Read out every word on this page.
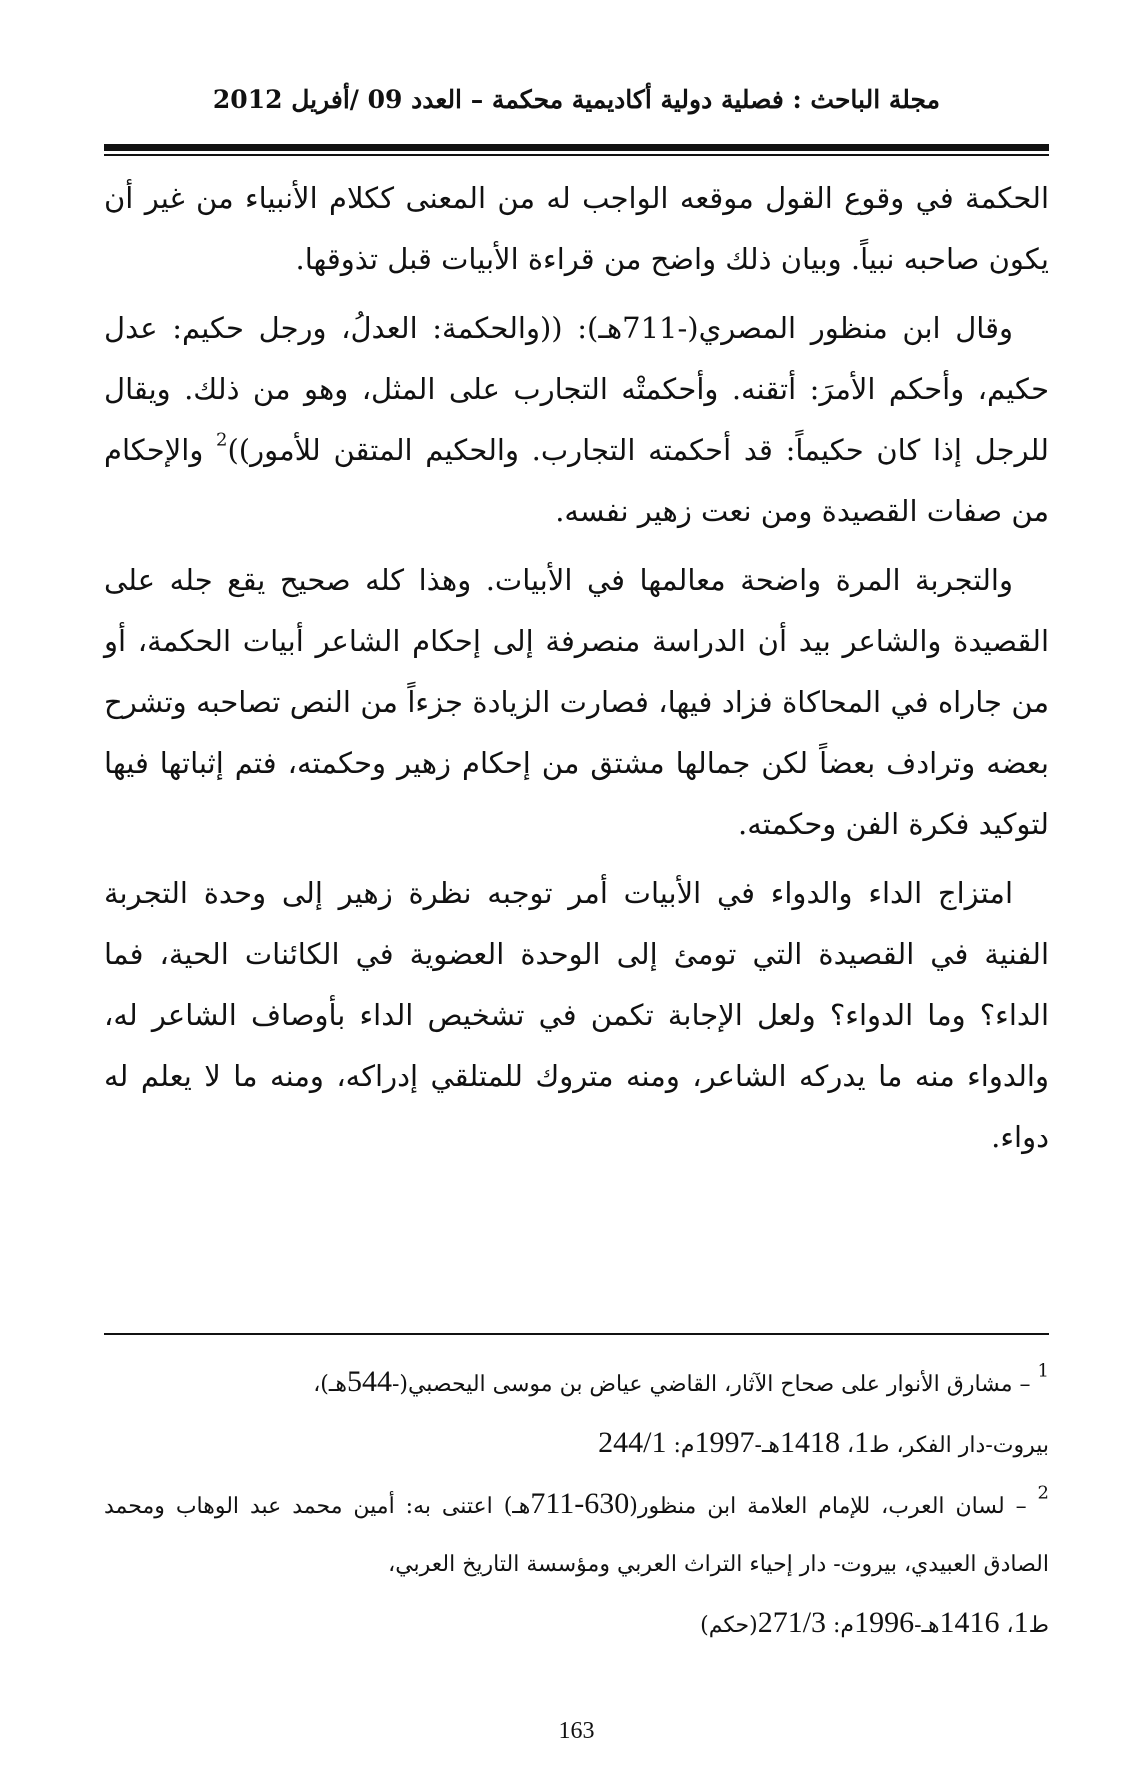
مجلة الباحث : فصلية دولية أكاديمية محكمة – العدد 09 /أفريل 2012

الحكمة في وقوع القول موقعه الواجب له من المعنى ككلام الأنبياء من غير أن يكون صاحبه نبياً. وبيان ذلك واضح من قراءة الأبيات قبل تذوقها.

وقال ابن منظور المصري(-711هـ): ((والحكمة: العدلُ، ورجل حكيم: عدل حكيم، وأحكم الأمرَ: أتقنه. وأحكمتْه التجارب على المثل، وهو من ذلك. ويقال للرجل إذا كان حكيماً: قد أحكمته التجارب. والحكيم المتقن للأمور))$^2$ والإحكام من صفات القصيدة ومن نعت زهير نفسه.

والتجربة المرة واضحة معالمها في الأبيات. وهذا كله صحيح يقع جله على القصيدة والشاعر بيد أن الدراسة منصرفة إلى إحكام الشاعر أبيات الحكمة، أو من جاراه في المحاكاة فزاد فيها، فصارت الزيادة جزءاً من النص تصاحبه وتشرح بعضه وترادف بعضاً لكن جمالها مشتق من إحكام زهير وحكمته، فتم إثباتها فيها لتوكيد فكرة الفن وحكمته.

امتزاج الداء والدواء في الأبيات أمر توجبه نظرة زهير إلى وحدة التجربة الفنية في القصيدة التي تومئ إلى الوحدة العضوية في الكائنات الحية، فما الداء؟ وما الدواء؟ ولعل الإجابة تكمن في تشخيص الداء بأوصاف الشاعر له، والدواء منه ما يدركه الشاعر، ومنه متروك للمتلقي إدراكه، ومنه ما لا يعلم له دواء.

$^1$ – مشارق الأنوار على صحاح الآثار، القاضي عياض بن موسى اليحصبي(-544هـ)،
بيروت-دار الفكر، ط1، 1418هـ-1997م: 244/1

$^2$ – لسان العرب، للإمام العلامة ابن منظور(630-711هـ) اعتنى به: أمين محمد عبد الوهاب ومحمد الصادق العبيدي، بيروت- دار إحياء التراث العربي ومؤسسة التاريخ العربي،
ط1، 1416هـ-1996م: 271/3(حكم)

163
